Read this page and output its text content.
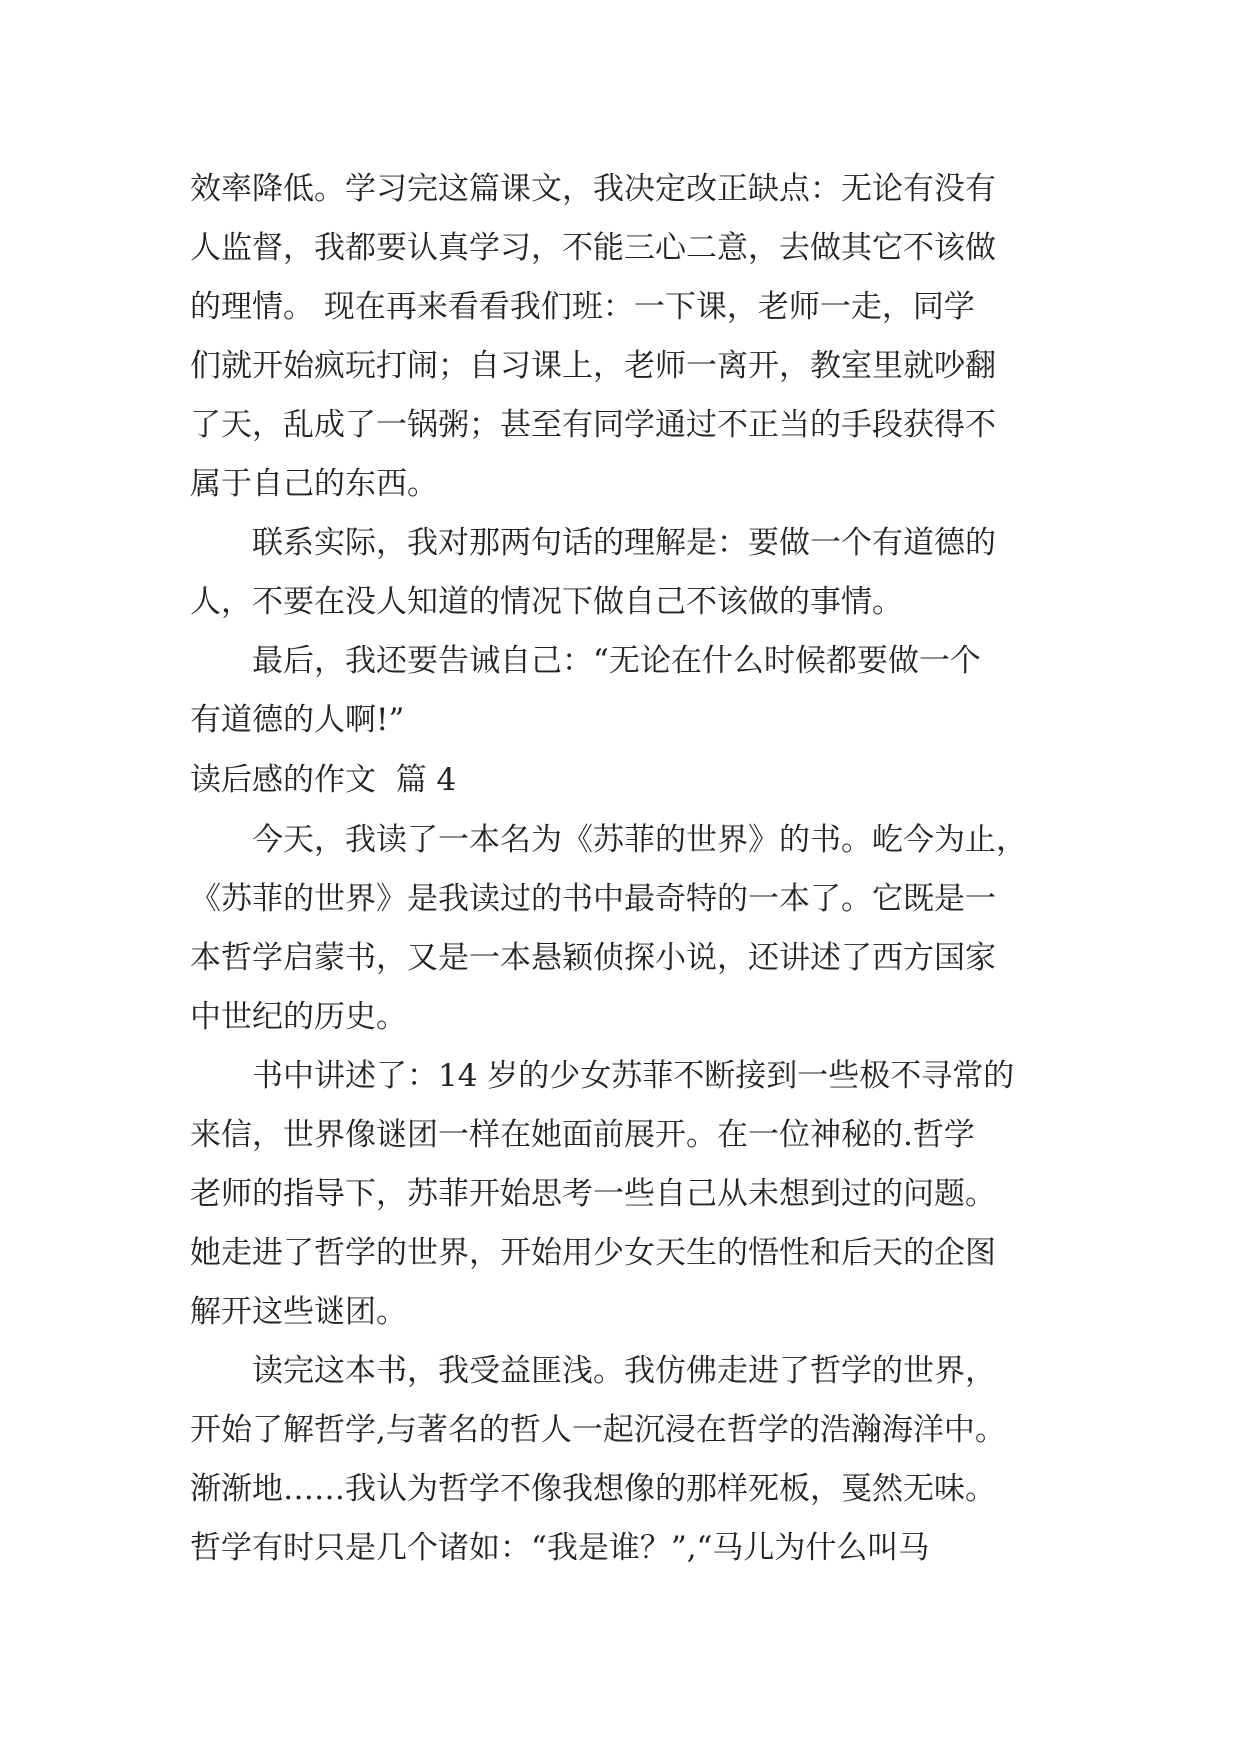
效率降低。学习完这篇课文，我决定改正缺点：无论有没有
人监督，我都要认真学习，不能三心二意，去做其它不该做
的理情。 现在再来看看我们班：一下课，老师一走，同学
们就开始疯玩打闹；自习课上，老师一离开，教室里就吵翻
了天，乱成了一锅粥；甚至有同学通过不正当的手段获得不
属于自己的东西。
　　联系实际，我对那两句话的理解是：要做一个有道德的
人，不要在没人知道的情况下做自己不该做的事情。
　　最后，我还要告诫自己：“无论在什么时候都要做一个
有道德的人啊!”
读后感的作文  篇 4
　　今天，我读了一本名为《苏菲的世界》的书。屹今为止，
《苏菲的世界》是我读过的书中最奇特的一本了。它既是一
本哲学启蒙书，又是一本悬颖侦探小说，还讲述了西方国家
中世纪的历史。
　　书中讲述了：14 岁的少女苏菲不断接到一些极不寻常的
来信，世界像谜团一样在她面前展开。在一位神秘的.哲学
老师的指导下，苏菲开始思考一些自己从未想到过的问题。
她走进了哲学的世界，开始用少女天生的悟性和后天的企图
解开这些谜团。
　　读完这本书，我受益匪浅。我仿佛走进了哲学的世界，
开始了解哲学,与著名的哲人一起沉浸在哲学的浩瀚海洋中。
渐渐地……我认为哲学不像我想像的那样死板，戛然无味。
哲学有时只是几个诸如：“我是谁？”,“马儿为什么叫马
